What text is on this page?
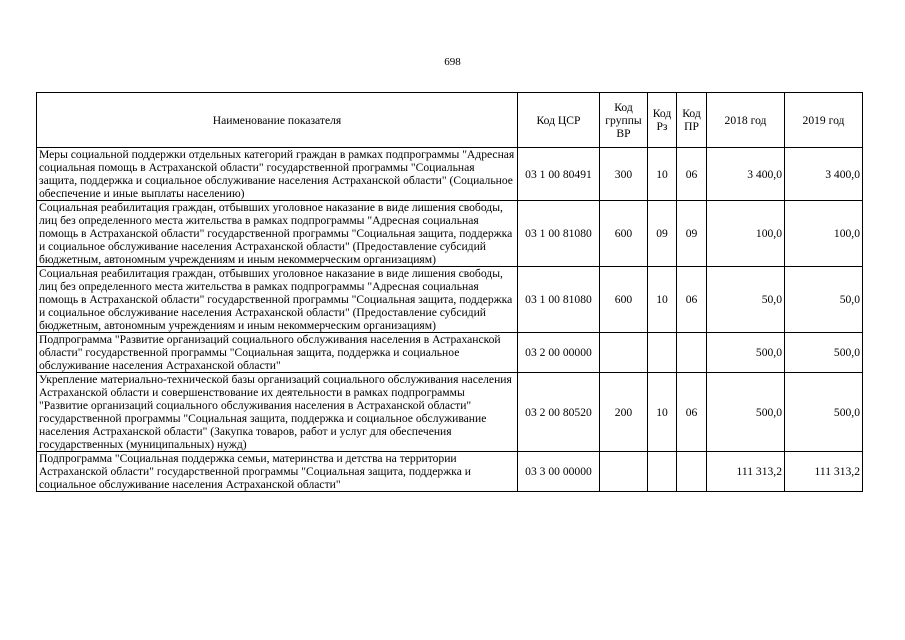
698
Наименование показателя	Код ЦСР	Код группы ВР	Код Рз	Код ПР	2018 год	2019 год
Меры социальной поддержки отдельных категорий граждан в рамках подпрограммы "Адресная социальная помощь в Астраханской области" государственной программы "Социальная защита, поддержка и социальное обслуживание населения Астраханской области" (Социальное обеспечение и иные выплаты населению)	03 1 00 80491	300	10	06	3 400,0	3 400,0
Социальная реабилитация граждан, отбывших уголовное наказание в виде лишения свободы, лиц без определенного места жительства в рамках подпрограммы "Адресная социальная помощь в Астраханской области" государственной программы "Социальная защита, поддержка и социальное обслуживание населения Астраханской области" (Предоставление субсидий бюджетным, автономным учреждениям и иным некоммерческим организациям)	03 1 00 81080	600	09	09	100,0	100,0
Социальная реабилитация граждан, отбывших уголовное наказание в виде лишения свободы, лиц без определенного места жительства в рамках подпрограммы "Адресная социальная помощь в Астраханской области" государственной программы "Социальная защита, поддержка и социальное обслуживание населения Астраханской области" (Предоставление субсидий бюджетным, автономным учреждениям и иным некоммерческим организациям)	03 1 00 81080	600	10	06	50,0	50,0
Подпрограмма "Развитие организаций социального обслуживания населения в Астраханской области" государственной программы "Социальная защита, поддержка и социальное обслуживание населения Астраханской области"	03 2 00 00000				500,0	500,0
Укрепление материально-технической базы организаций социального обслуживания населения Астраханской области и совершенствование их деятельности в рамках подпрограммы "Развитие организаций социального обслуживания населения в Астраханской области" государственной программы "Социальная защита, поддержка и социальное обслуживание населения Астраханской области" (Закупка товаров, работ и услуг для обеспечения государственных (муниципальных) нужд)	03 2 00 80520	200	10	06	500,0	500,0
Подпрограмма "Социальная поддержка семьи, материнства и детства на территории Астраханской области" государственной программы "Социальная защита, поддержка и социальное обслуживание населения Астраханской области"	03 3 00 00000				111 313,2	111 313,2
